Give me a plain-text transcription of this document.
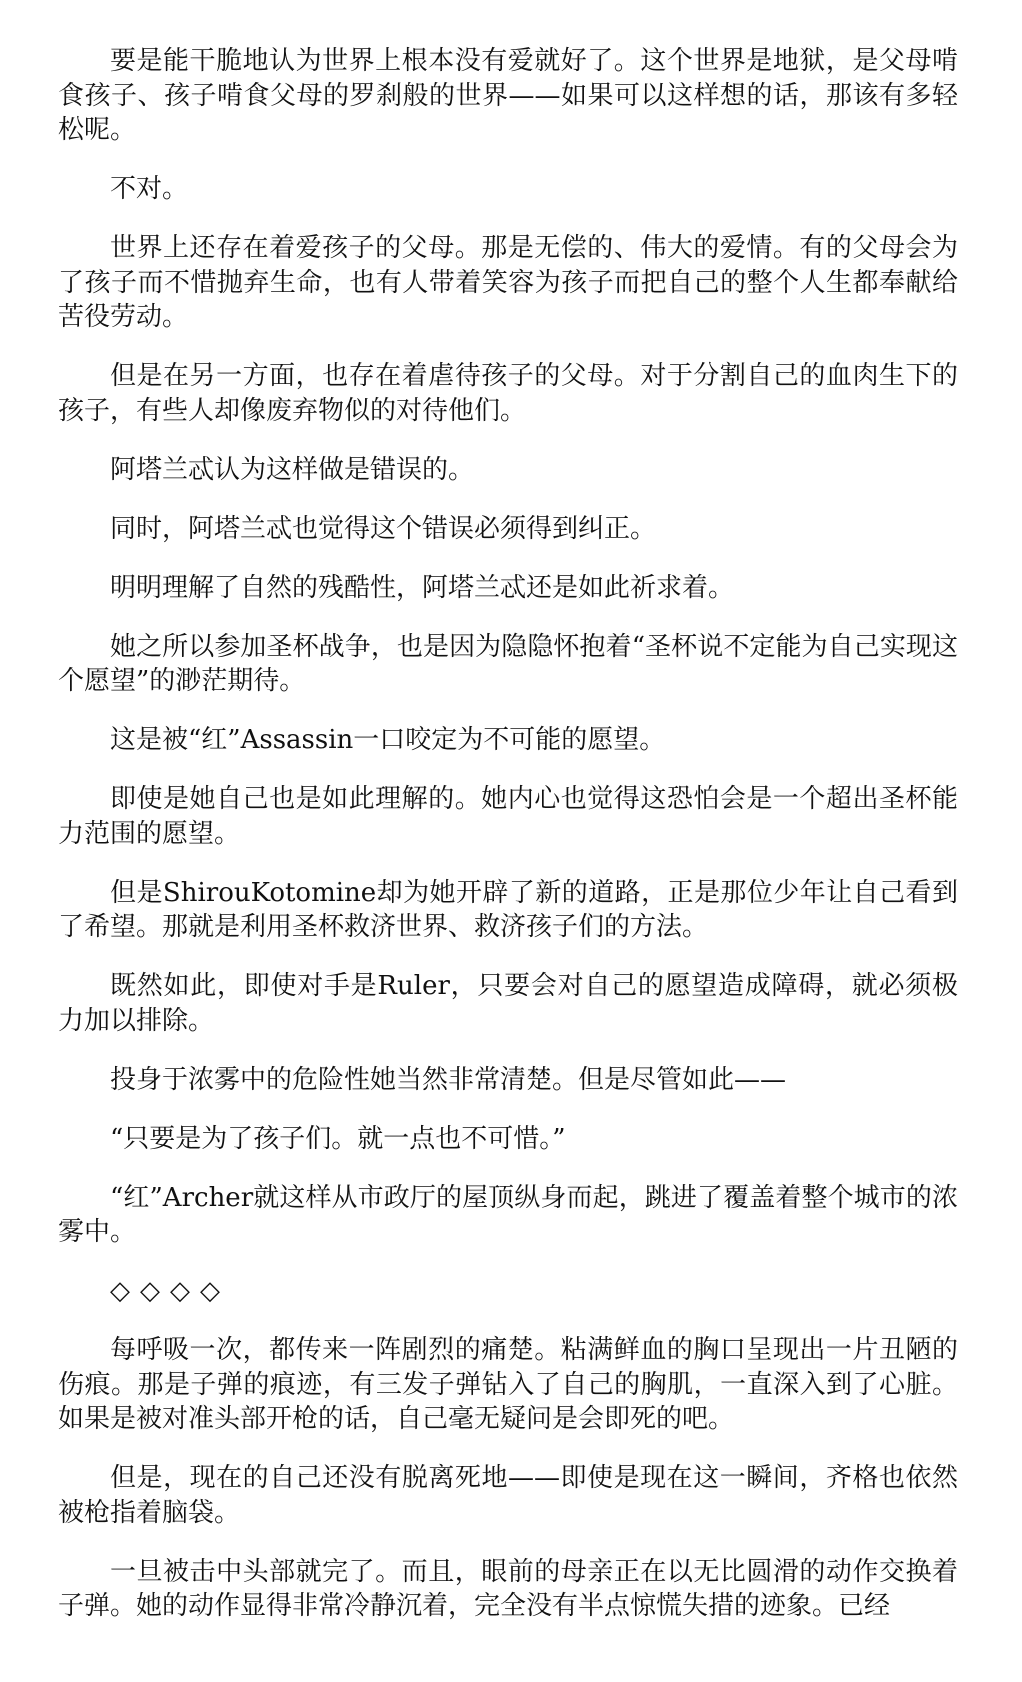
要是能干脆地认为世界上根本没有爱就好了。这个世界是地狱，是父母啃食孩子、孩子啃食父母的罗刹般的世界——如果可以这样想的话，那该有多轻松呢。

不对。

世界上还存在着爱孩子的父母。那是无偿的、伟大的爱情。有的父母会为了孩子而不惜抛弃生命，也有人带着笑容为孩子而把自己的整个人生都奉献给苦役劳动。

但是在另一方面，也存在着虐待孩子的父母。对于分割自己的血肉生下的孩子，有些人却像废弃物似的对待他们。

阿塔兰忒认为这样做是错误的。

同时，阿塔兰忒也觉得这个错误必须得到纠正。

明明理解了自然的残酷性，阿塔兰忒还是如此祈求着。

她之所以参加圣杯战争，也是因为隐隐怀抱着“圣杯说不定能为自己实现这个愿望”的渺茫期待。

这是被“红”Assassin一口咬定为不可能的愿望。

即使是她自己也是如此理解的。她内心也觉得这恐怕会是一个超出圣杯能力范围的愿望。

但是ShirouKotomine却为她开辟了新的道路，正是那位少年让自己看到了希望。那就是利用圣杯救济世界、救济孩子们的方法。

既然如此，即使对手是Ruler，只要会对自己的愿望造成障碍，就必须极力加以排除。

投身于浓雾中的危险性她当然非常清楚。但是尽管如此——

“只要是为了孩子们。就一点也不可惜。”

“红”Archer就这样从市政厅的屋顶纵身而起，跳进了覆盖着整个城市的浓雾中。

◇◇◇◇

每呼吸一次，都传来一阵剧烈的痛楚。粘满鲜血的胸口呈现出一片丑陋的伤痕。那是子弹的痕迹，有三发子弹钻入了自己的胸肌，一直深入到了心脏。如果是被对准头部开枪的话，自己毫无疑问是会即死的吧。

但是，现在的自己还没有脱离死地——即使是现在这一瞬间，齐格也依然被枪指着脑袋。

一旦被击中头部就完了。而且，眼前的母亲正在以无比圆滑的动作交换着子弹。她的动作显得非常冷静沉着，完全没有半点惊慌失措的迹象。已经
